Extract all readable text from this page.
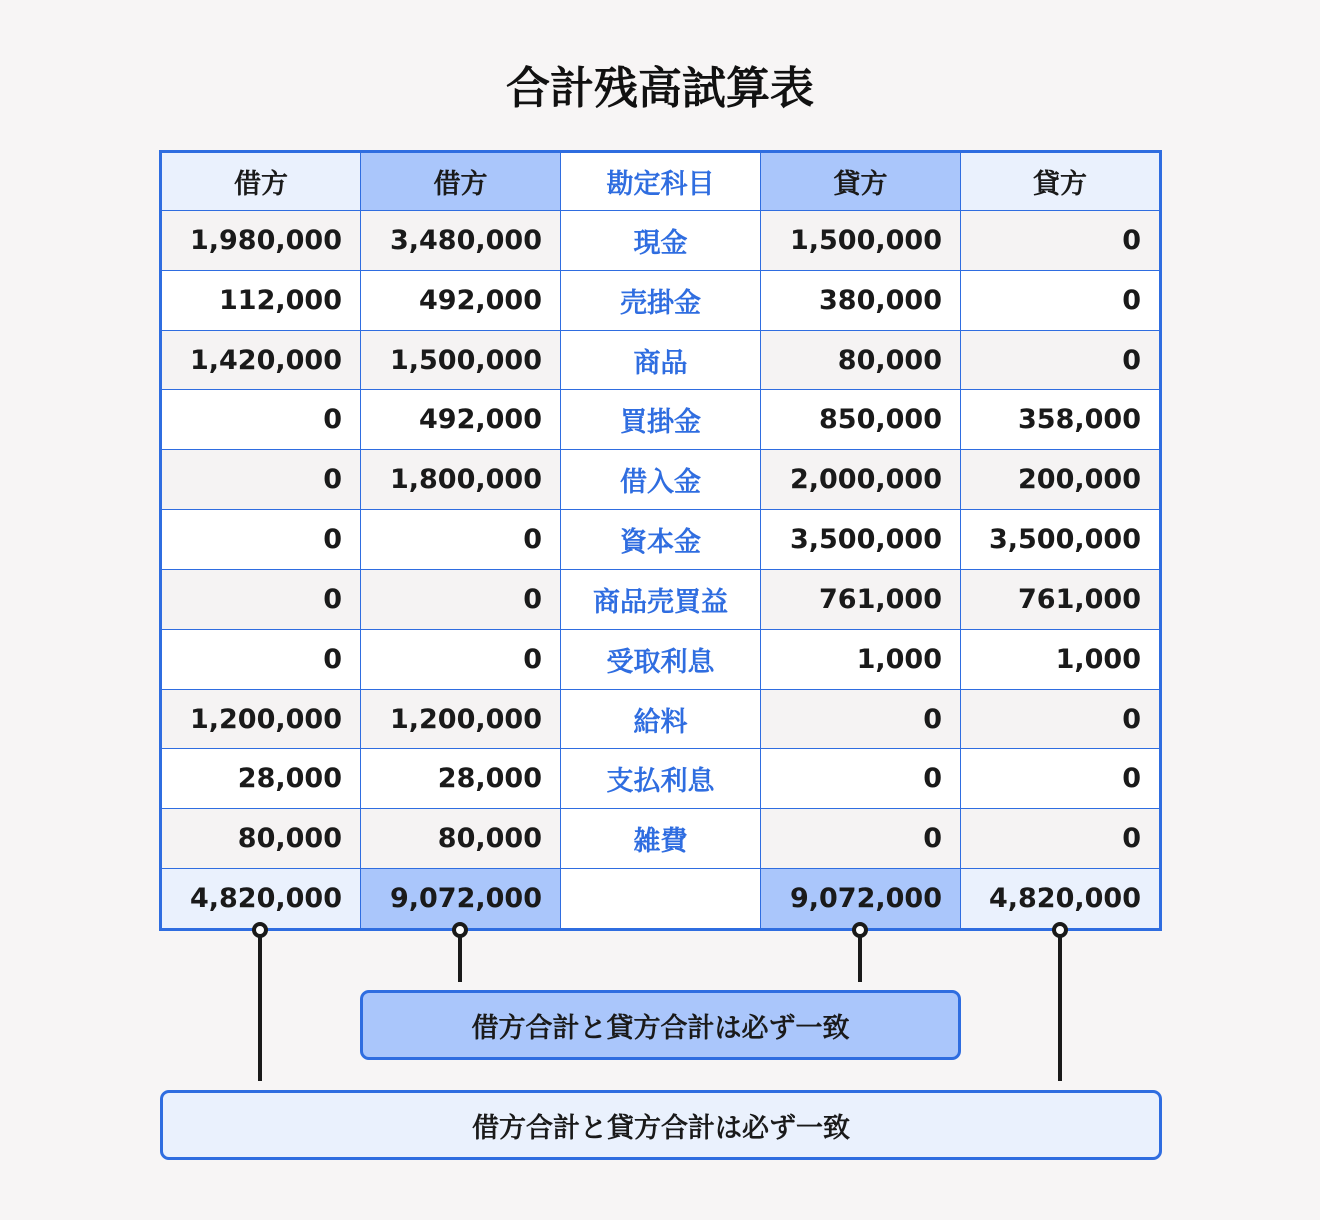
合計残高試算表
借方	借方	勘定科目	貸方	貸方
1,980,000	3,480,000	現金	1,500,000	0
112,000	492,000	売掛金	380,000	0
1,420,000	1,500,000	商品	80,000	0
0	492,000	買掛金	850,000	358,000
0	1,800,000	借入金	2,000,000	200,000
0	0	資本金	3,500,000	3,500,000
0	0	商品売買益	761,000	761,000
0	0	受取利息	1,000	1,000
1,200,000	1,200,000	給料	0	0
28,000	28,000	支払利息	0	0
80,000	80,000	雑費	0	0
4,820,000	9,072,000		9,072,000	4,820,000
借方合計と貸方合計は必ず一致
借方合計と貸方合計は必ず一致
